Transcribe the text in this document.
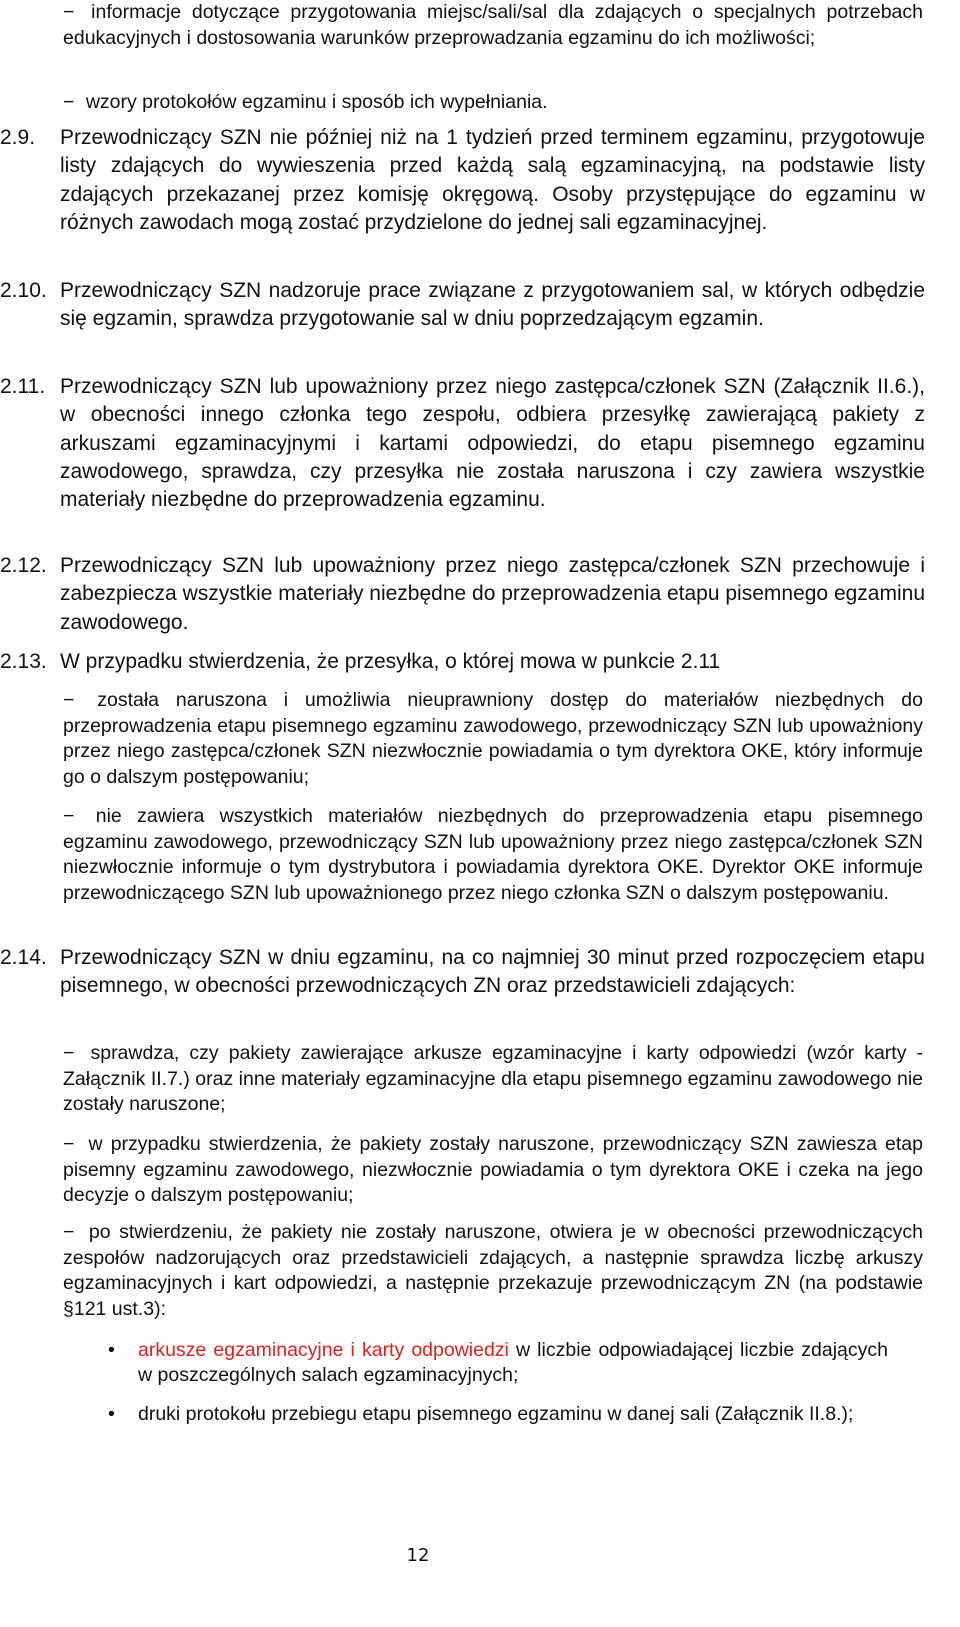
− informacje dotyczące przygotowania miejsc/sali/sal dla zdających o specjalnych potrzebach edukacyjnych i dostosowania warunków przeprowadzania egzaminu do ich możliwości;
− wzory protokołów egzaminu i sposób ich wypełniania.
2.9.	Przewodniczący SZN nie później niż na 1 tydzień przed terminem egzaminu, przygotowuje listy zdających do wywieszenia przed każdą salą egzaminacyjną, na podstawie listy zdających przekazanej przez komisję okręgową. Osoby przystępujące do egzaminu w różnych zawodach mogą zostać przydzielone do jednej sali egzaminacyjnej.
2.10. Przewodniczący SZN nadzoruje prace związane z przygotowaniem sal, w których odbędzie się egzamin, sprawdza przygotowanie sal w dniu poprzedzającym egzamin.
2.11. Przewodniczący SZN lub upoważniony przez niego zastępca/członek SZN (Załącznik II.6.), w obecności innego członka tego zespołu, odbiera przesyłkę zawierającą pakiety z arkuszami egzaminacyjnymi i kartami odpowiedzi, do etapu pisemnego egzaminu zawodowego, sprawdza, czy przesyłka nie została naruszona i czy zawiera wszystkie materiały niezbędne do przeprowadzenia egzaminu.
2.12. Przewodniczący SZN lub upoważniony przez niego zastępca/członek SZN przechowuje i zabezpiecza wszystkie materiały niezbędne do przeprowadzenia etapu pisemnego egzaminu zawodowego.
2.13. W przypadku stwierdzenia, że przesyłka, o której mowa w punkcie 2.11
− została naruszona i umożliwia nieuprawniony dostęp do materiałów niezbędnych do przeprowadzenia etapu pisemnego egzaminu zawodowego, przewodniczący SZN lub upoważniony przez niego zastępca/członek SZN niezwłocznie powiadamia o tym dyrektora OKE, który informuje go o dalszym postępowaniu;
− nie zawiera wszystkich materiałów niezbędnych do przeprowadzenia etapu pisemnego egzaminu zawodowego, przewodniczący SZN lub upoważniony przez niego zastępca/członek SZN niezwłocznie informuje o tym dystrybutora i powiadamia dyrektora OKE. Dyrektor OKE informuje przewodniczącego SZN lub upoważnionego przez niego członka SZN o dalszym postępowaniu.
2.14. Przewodniczący SZN w dniu egzaminu, na co najmniej 30 minut przed rozpoczęciem etapu pisemnego, w obecności przewodniczących ZN oraz przedstawicieli zdających:
− sprawdza, czy pakiety zawierające arkusze egzaminacyjne i karty odpowiedzi (wzór karty - Załącznik II.7.) oraz inne materiały egzaminacyjne dla etapu pisemnego egzaminu zawodowego nie zostały naruszone;
− w przypadku stwierdzenia, że pakiety zostały naruszone, przewodniczący SZN zawiesza etap pisemny egzaminu zawodowego, niezwłocznie powiadamia o tym dyrektora OKE i czeka na jego decyzje o dalszym postępowaniu;
− po stwierdzeniu, że pakiety nie zostały naruszone, otwiera je w obecności przewodniczących zespołów nadzorujących oraz przedstawicieli zdających, a następnie sprawdza liczbę arkuszy egzaminacyjnych i kart odpowiedzi, a następnie przekazuje przewodniczącym ZN (na podstawie §121 ust.3):
•	arkusze egzaminacyjne i karty odpowiedzi w liczbie odpowiadającej liczbie zdających w poszczególnych salach egzaminacyjnych;
•	druki protokołu przebiegu etapu pisemnego egzaminu w danej sali (Załącznik II.8.);
12
